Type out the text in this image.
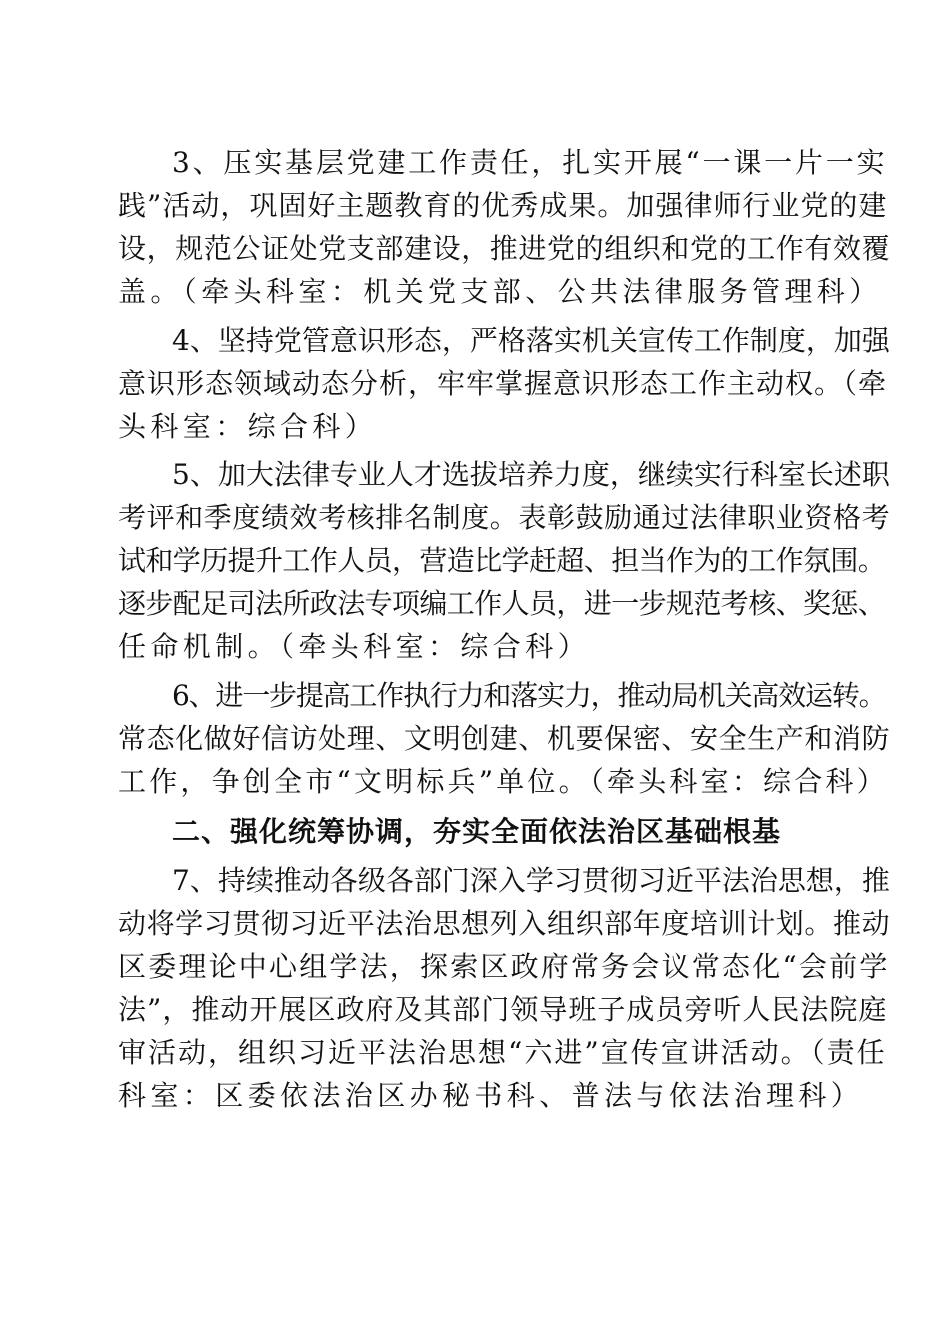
3、压实基层党建工作责任，扎实开展“一课一片一实
践”活动，巩固好主题教育的优秀成果。加强律师行业党的建
设，规范公证处党支部建设，推进党的组织和党的工作有效覆
盖。（牵头科室：机关党支部、公共法律服务管理科）
4、坚持党管意识形态，严格落实机关宣传工作制度，加强
意识形态领域动态分析，牢牢掌握意识形态工作主动权。（牵
头科室：综合科）
5、加大法律专业人才选拔培养力度，继续实行科室长述职
考评和季度绩效考核排名制度。表彰鼓励通过法律职业资格考
试和学历提升工作人员，营造比学赶超、担当作为的工作氛围。
逐步配足司法所政法专项编工作人员，进一步规范考核、奖惩、
任命机制。（牵头科室：综合科）
6、进一步提高工作执行力和落实力，推动局机关高效运转。
常态化做好信访处理、文明创建、机要保密、安全生产和消防
工作，争创全市“文明标兵”单位。（牵头科室：综合科）
二、强化统筹协调，夯实全面依法治区基础根基
7、持续推动各级各部门深入学习贯彻习近平法治思想，推
动将学习贯彻习近平法治思想列入组织部年度培训计划。推动
区委理论中心组学法，探索区政府常务会议常态化“会前学
法”，推动开展区政府及其部门领导班子成员旁听人民法院庭
审活动，组织习近平法治思想“六进”宣传宣讲活动。（责任
科室：区委依法治区办秘书科、普法与依法治理科）
